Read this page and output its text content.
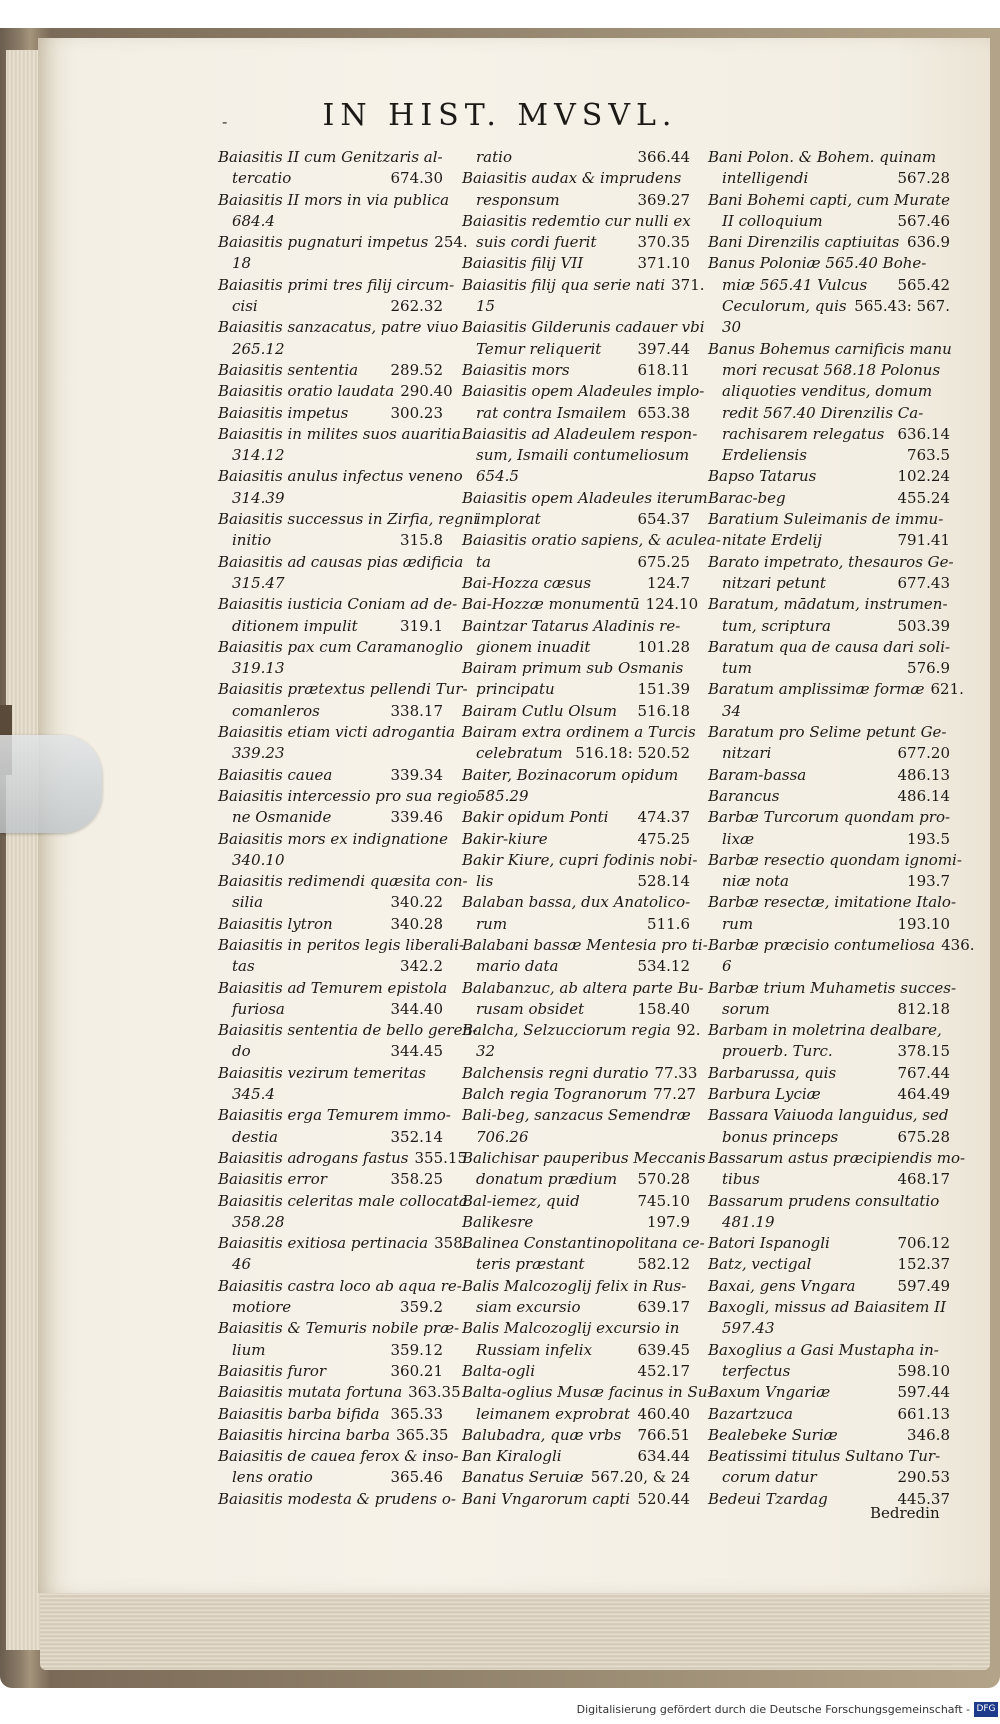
-	IN HIST. MVSVL.
Baiasitis II cum Genitzaris al-
tercatio	674.30
Baiasitis II mors in via publica
684.4
Baiasitis pugnaturi impetus 254.
18
Baiasitis primi tres filij circum-
cisi	262.32
Baiasitis sanzacatus, patre viuo
265.12
Baiasitis sententia	289.52
Baiasitis oratio laudata 290.40
Baiasitis impetus	300.23
Baiasitis in milites suos auaritia
314.12
Baiasitis anulus infectus veneno
314.39
Baiasitis successus in Zirfia, regni
initio	315.8
Baiasitis ad causas pias ædificia
315.47
Baiasitis iusticia Coniam ad de-
ditionem impulit	319.1
Baiasitis pax cum Caramanoglio
319.13
Baiasitis prætextus pellendi Tur-
comanleros	338.17
Baiasitis etiam victi adrogantia
339.23
Baiasitis cauea	339.34
Baiasitis intercessio pro sua regio-
ne Osmanide	339.46
Baiasitis mors ex indignatione
340.10
Baiasitis redimendi quæsita con-
silia	340.22
Baiasitis lytron	340.28
Baiasitis in peritos legis liberali-
tas	342.2
Baiasitis ad Temurem epistola
furiosa	344.40
Baiasitis sententia de bello geren-
do	344.45
Baiasitis vezirum temeritas
345.4
Baiasitis erga Temurem immo-
destia	352.14
Baiasitis adrogans fastus 355.15
Baiasitis error	358.25
Baiasitis celeritas male collocata
358.28
Baiasitis exitiosa pertinacia 358.
46
Baiasitis castra loco ab aqua re-
motiore	359.2
Baiasitis & Temuris nobile præ-
lium	359.12
Baiasitis furor	360.21
Baiasitis mutata fortuna 363.35
Baiasitis barba bifida 365.33
Baiasitis hircina barba 365.35
Baiasitis de cauea ferox & inso-
lens oratio	365.46
Baiasitis modesta & prudens o-
ratio	366.44
Baiasitis audax & imprudens
responsum	369.27
Baiasitis redemtio cur nulli ex
suis cordi fuerit	370.35
Baiasitis filij VII	371.10
Baiasitis filij qua serie nati 371.
15
Baiasitis Gilderunis cadauer vbi
Temur reliquerit	397.44
Baiasitis mors	618.11
Baiasitis opem Aladeules implo-
rat contra Ismailem 653.38
Baiasitis ad Aladeulem respon-
sum, Ismaili contumeliosum
654.5
Baiasitis opem Aladeules iterum
implorat	654.37
Baiasitis oratio sapiens, & aculea-
ta	675.25
Bai-Hozza cæsus	124.7
Bai-Hozzæ monumentū 124.10
Baintzar Tatarus Aladinis re-
gionem inuadit	101.28
Bairam primum sub Osmanis
principatu	151.39
Bairam Cutlu Olsum	516.18
Bairam extra ordinem a Turcis
celebratum 516.18: 520.52
Baiter, Bozinacorum opidum
585.29
Bakir opidum Ponti	474.37
Bakir-kiure	475.25
Bakir Kiure, cupri fodinis nobi-
lis	528.14
Balaban bassa, dux Anatolico-
rum	511.6
Balabani bassæ Mentesia pro ti-
mario data	534.12
Balabanzuc, ab altera parte Bu-
rusam obsidet	158.40
Balcha, Selzucciorum regia 92.
32
Balchensis regni duratio 77.33
Balch regia Togranorum 77.27
Bali-beg, sanzacus Semendræ
706.26
Balichisar pauperibus Meccanis
donatum prædium	570.28
Bal-iemez, quid	745.10
Balikesre	197.9
Balinea Constantinopolitana ce-
teris præstant	582.12
Balis Malcozoglij felix in Rus-
siam excursio	639.17
Balis Malcozoglij excursio in
Russiam infelix	639.45
Balta-ogli	452.17
Balta-oglius Musæ facinus in Su-
leimanem exprobrat 460.40
Balubadra, quæ vrbs	766.51
Ban Kiralogli	634.44
Banatus Seruiæ 567.20, & 24
Bani Vngarorum capti 520.44
Bani Polon. & Bohem. quinam
intelligendi	567.28
Bani Bohemi capti, cum Murate
II colloquium	567.46
Bani Direnzilis captiuitas 636.9
Banus Poloniæ 565.40 Bohe-
miæ 565.41 Vulcus	565.42
Ceculorum, quis 565.43: 567.
30
Banus Bohemus carnificis manu
mori recusat 568.18 Polonus
aliquoties venditus, domum
redit 567.40 Direnzilis Ca-
rachisarem relegatus 636.14
Erdeliensis	763.5
Bapso Tatarus	102.24
Barac-beg	455.24
Baratium Suleimanis de immu-
nitate Erdelij	791.41
Barato impetrato, thesauros Ge-
nitzari petunt	677.43
Baratum, mādatum, instrumen-
tum, scriptura	503.39
Baratum qua de causa dari soli-
tum	576.9
Baratum amplissimæ formæ 621.
34
Baratum pro Selime petunt Ge-
nitzari	677.20
Baram-bassa	486.13
Barancus	486.14
Barbæ Turcorum quondam pro-
lixæ	193.5
Barbæ resectio quondam ignomi-
niæ nota	193.7
Barbæ resectæ, imitatione Italo-
rum	193.10
Barbæ præcisio contumeliosa 436.
6
Barbæ trium Muhametis succes-
sorum	812.18
Barbam in moletrina dealbare,
prouerb. Turc.	378.15
Barbarussa, quis	767.44
Barbura Lyciæ	464.49
Bassara Vaiuoda languidus, sed
bonus princeps	675.28
Bassarum astus præcipiendis mo-
tibus	468.17
Bassarum prudens consultatio
481.19
Batori Ispanogli	706.12
Batz, vectigal	152.37
Baxai, gens Vngara	597.49
Baxogli, missus ad Baiasitem II
597.43
Baxoglius a Gasi Mustapha in-
terfectus	598.10
Baxum Vngariæ	597.44
Bazartzuca	661.13
Bealebeke Suriæ	346.8
Beatissimi titulus Sultano Tur-
corum datur	290.53
Bedeui Tzardag	445.37
Bedredin
Digitalisierung gefördert durch die Deutsche Forschungsgemeinschaft - DFG
